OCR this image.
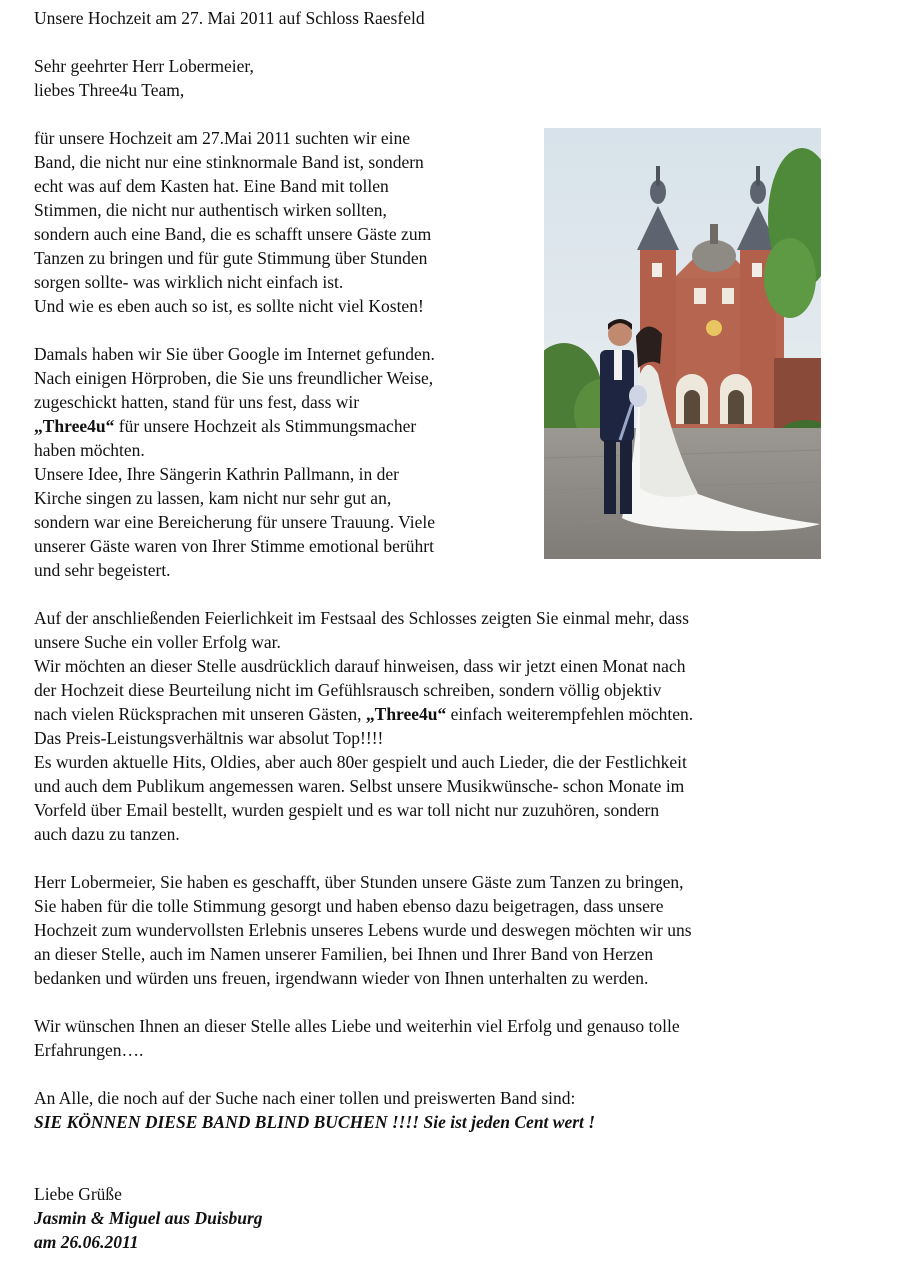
Unsere Hochzeit am 27. Mai 2011 auf Schloss Raesfeld
Sehr geehrter Herr Lobermeier,
liebes Three4u Team,
für unsere Hochzeit am 27.Mai 2011 suchten wir eine
Band, die nicht nur eine stinknormale Band ist, sondern
echt was auf dem Kasten hat. Eine Band mit tollen
Stimmen, die nicht nur authentisch wirken sollten,
sondern auch eine Band, die es schafft unsere Gäste zum
Tanzen zu bringen und für gute Stimmung über Stunden
sorgen sollte- was wirklich nicht einfach ist.
Und wie es eben auch so ist, es sollte nicht viel Kosten!
Damals haben wir Sie über Google im Internet gefunden.
Nach einigen Hörproben, die Sie uns freundlicher Weise,
zugeschickt hatten, stand für uns fest, dass wir
„Three4u“ für unsere Hochzeit als Stimmungsmacher
haben möchten.
Unsere Idee, Ihre Sängerin Kathrin Pallmann, in der
Kirche singen zu lassen, kam nicht nur sehr gut an,
sondern war eine Bereicherung für unsere Trauung. Viele
unserer Gäste waren von Ihrer Stimme emotional berührt
und sehr begeistert.
Auf der anschließenden Feierlichkeit im Festsaal des Schlosses zeigten Sie einmal mehr, dass
unsere Suche ein voller Erfolg war.
Wir möchten an dieser Stelle ausdrücklich darauf hinweisen, dass wir jetzt einen Monat nach
der Hochzeit diese Beurteilung nicht im Gefühlsrausch schreiben, sondern völlig objektiv
nach vielen Rücksprachen mit unseren Gästen, „Three4u“ einfach weiterempfehlen möchten.
Das Preis-Leistungsverhältnis war absolut Top!!!!
Es wurden aktuelle Hits, Oldies, aber auch 80er gespielt und auch Lieder, die der Festlichkeit
und auch dem Publikum angemessen waren. Selbst unsere Musikwünsche- schon Monate im
Vorfeld über Email bestellt, wurden gespielt und es war toll nicht nur zuzuhören, sondern
auch dazu zu tanzen.
Herr Lobermeier, Sie haben es geschafft, über Stunden unsere Gäste zum Tanzen zu bringen,
Sie haben für die tolle Stimmung gesorgt und haben ebenso dazu beigetragen, dass unsere
Hochzeit zum wundervollsten Erlebnis unseres Lebens wurde und deswegen möchten wir uns
an dieser Stelle, auch im Namen unserer Familien, bei Ihnen und Ihrer Band von Herzen
bedanken und würden uns freuen, irgendwann wieder von Ihnen unterhalten zu werden.
Wir wünschen Ihnen an dieser Stelle alles Liebe und weiterhin viel Erfolg und genauso tolle
Erfahrungen….
An Alle, die noch auf der Suche nach einer tollen und preiswerten Band sind:
SIE KÖNNEN DIESE BAND BLIND BUCHEN !!!! Sie ist jeden Cent wert !
Liebe Grüße
Jasmin & Miguel aus Duisburg
am 26.06.2011
